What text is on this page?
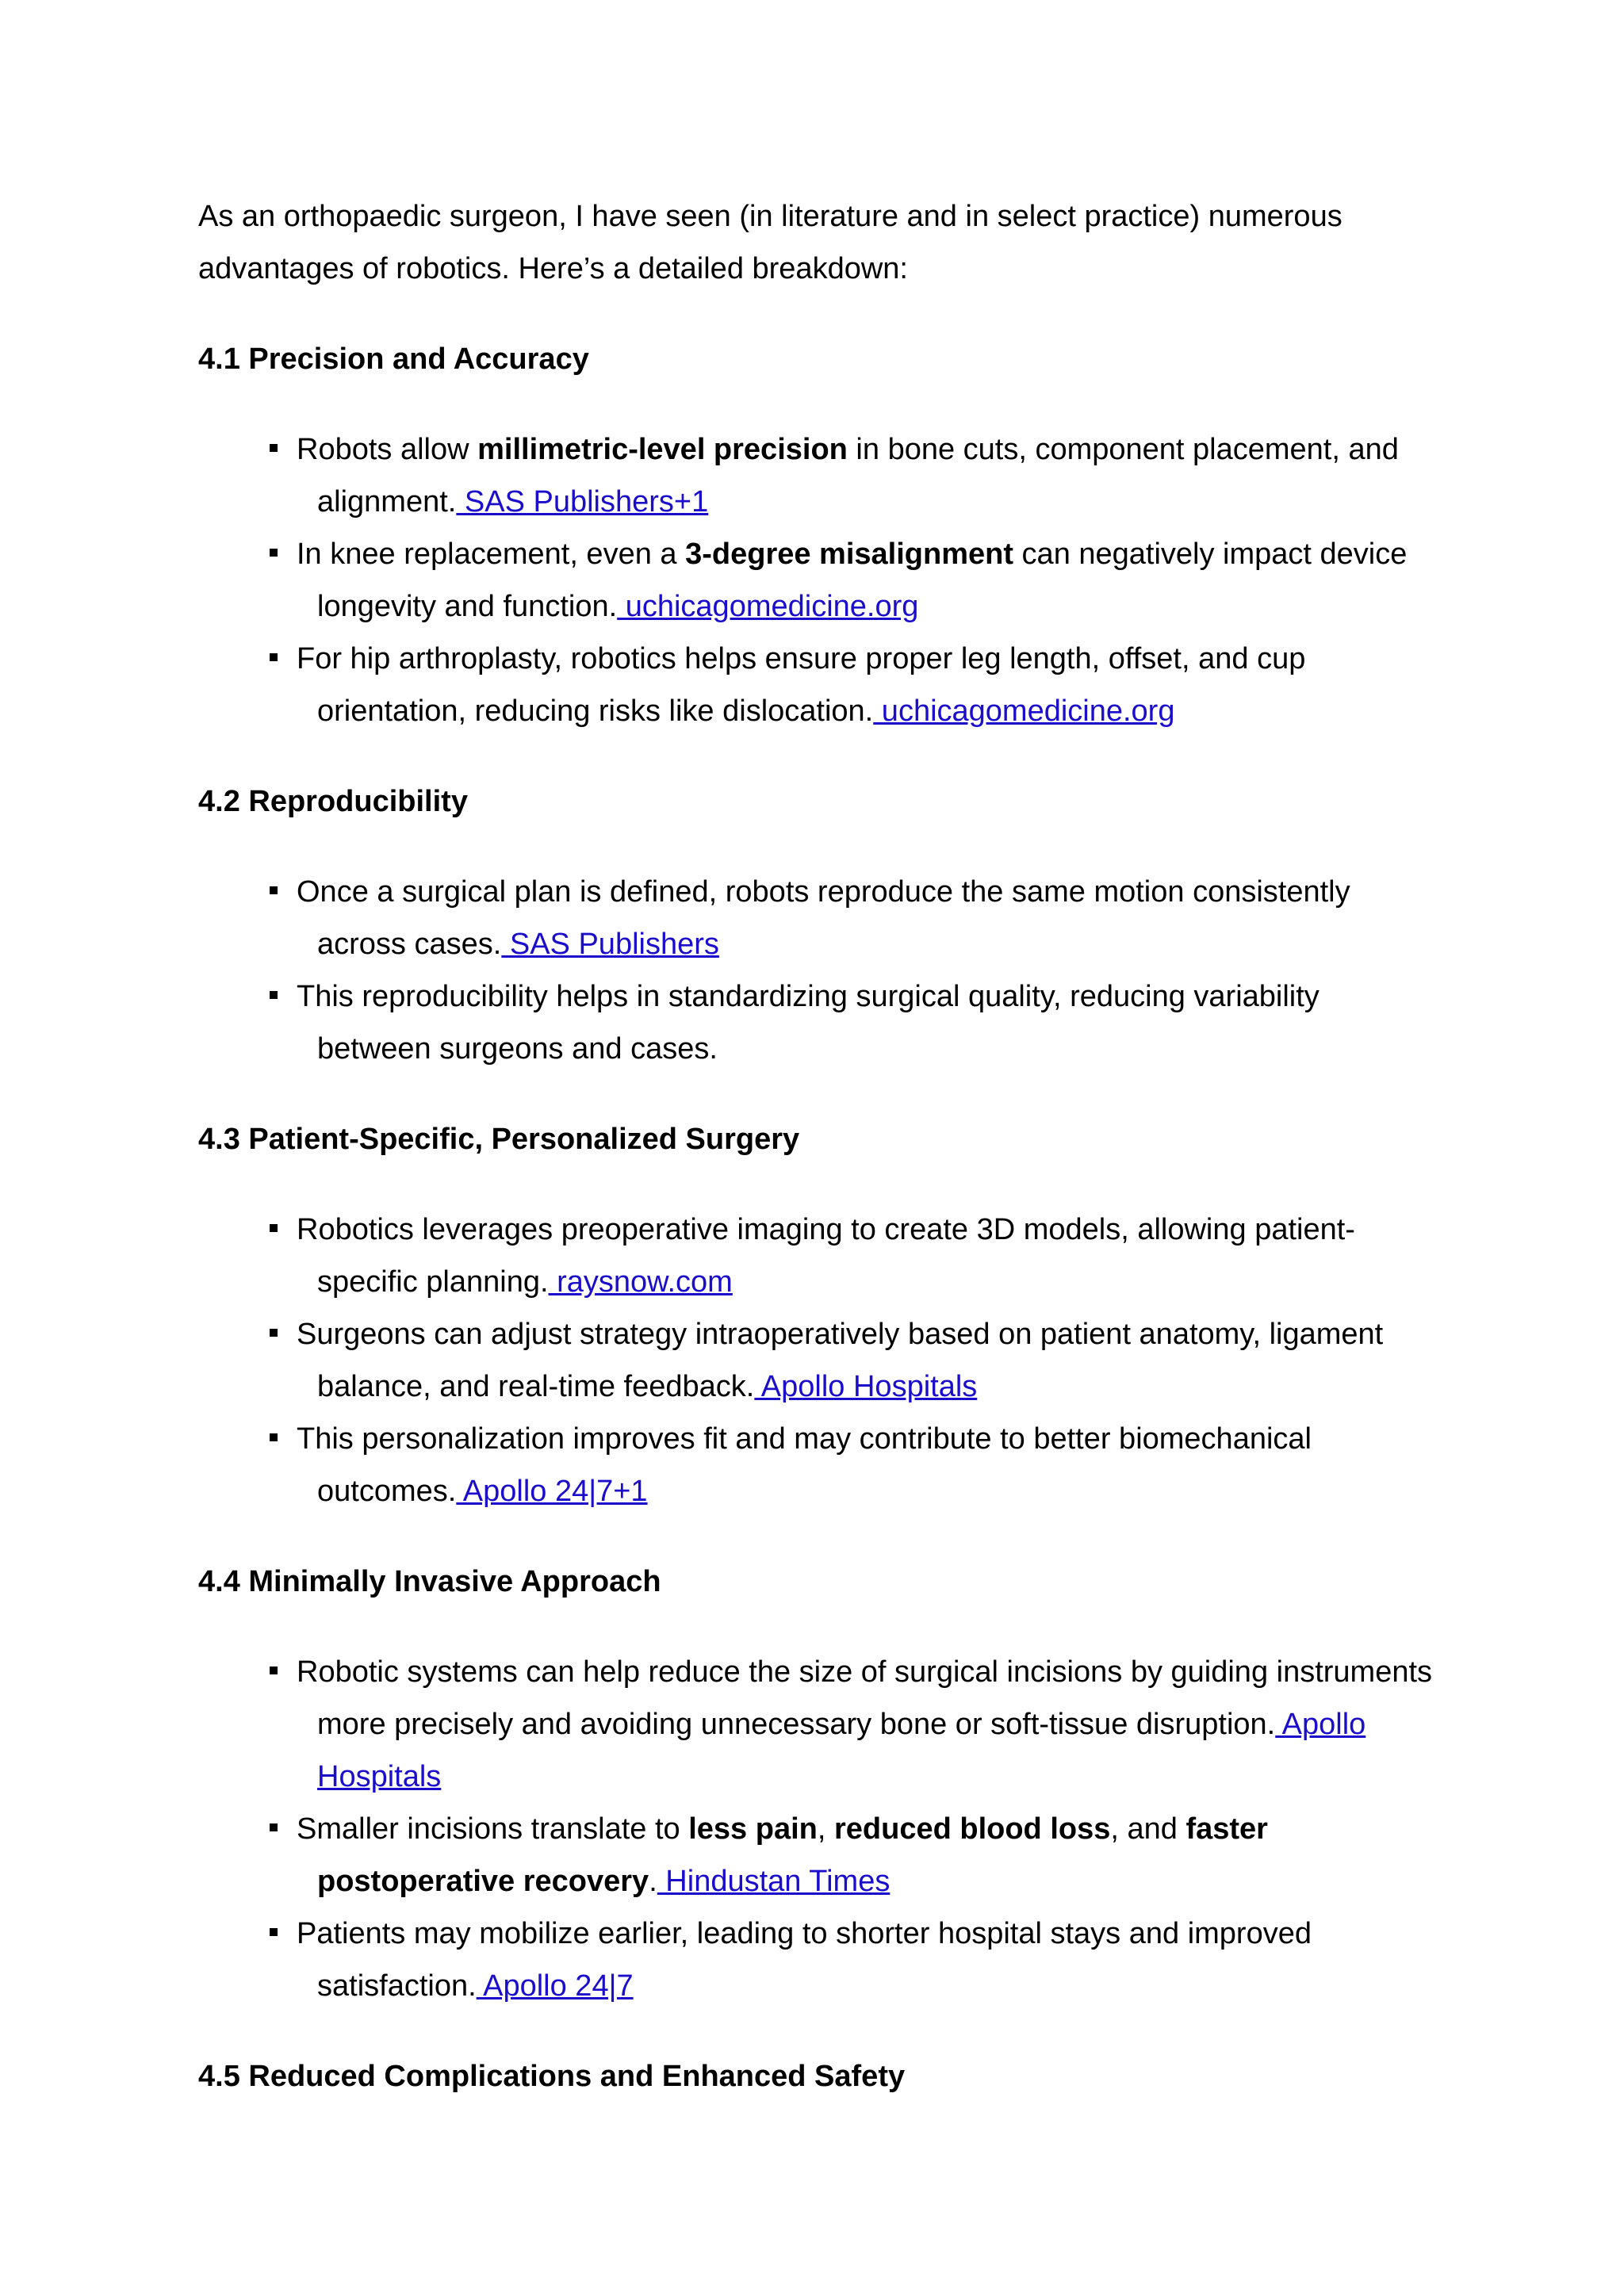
As an orthopaedic surgeon, I have seen (in literature and in select practice) numerous
advantages of robotics. Here’s a detailed breakdown:

4.1 Precision and Accuracy
Robots allow millimetric-level precision in bone cuts, component placement, and
alignment. SAS Publishers+1
In knee replacement, even a 3-degree misalignment can negatively impact device
longevity and function. uchicagomedicine.org
For hip arthroplasty, robotics helps ensure proper leg length, offset, and cup
orientation, reducing risks like dislocation. uchicagomedicine.org
4.2 Reproducibility
Once a surgical plan is defined, robots reproduce the same motion consistently
across cases. SAS Publishers
This reproducibility helps in standardizing surgical quality, reducing variability
between surgeons and cases.
4.3 Patient-Specific, Personalized Surgery
Robotics leverages preoperative imaging to create 3D models, allowing patient-
specific planning. raysnow.com
Surgeons can adjust strategy intraoperatively based on patient anatomy, ligament
balance, and real-time feedback. Apollo Hospitals
This personalization improves fit and may contribute to better biomechanical
outcomes. Apollo 24|7+1
4.4 Minimally Invasive Approach
Robotic systems can help reduce the size of surgical incisions by guiding instruments
more precisely and avoiding unnecessary bone or soft-tissue disruption. Apollo
Hospitals
Smaller incisions translate to less pain, reduced blood loss, and faster
postoperative recovery. Hindustan Times
Patients may mobilize earlier, leading to shorter hospital stays and improved
satisfaction. Apollo 24|7
4.5 Reduced Complications and Enhanced Safety
